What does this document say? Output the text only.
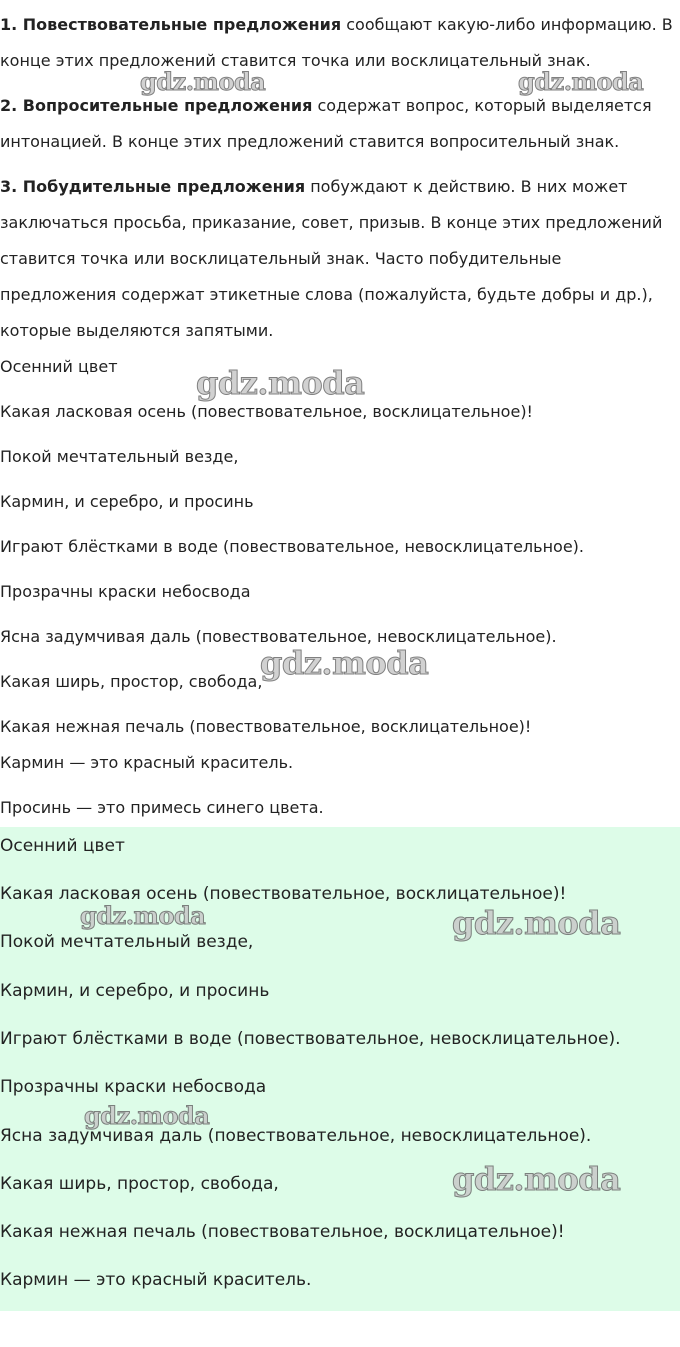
1. Повествовательные предложения сообщают какую-либо информацию. В

конце этих предложений ставится точка или восклицательный знак.

2. Вопросительные предложения содержат вопрос, который выделяется

интонацией. В конце этих предложений ставится вопросительный знак.

3. Побудительные предложения побуждают к действию. В них может

заключаться просьба, приказание, совет, призыв. В конце этих предложений

ставится точка или восклицательный знак. Часто побудительные

предложения содержат этикетные слова (пожалуйста, будьте добры и др.),

которые выделяются запятыми.

Осенний цвет

Какая ласковая осень (повествовательное, восклицательное)!

Покой мечтательный везде,

Кармин, и серебро, и просинь

Играют блёстками в воде (повествовательное, невосклицательное).

Прозрачны краски небосвода

Ясна задумчивая даль (повествовательное, невосклицательное).

Какая ширь, простор, свобода,

Какая нежная печаль (повествовательное, восклицательное)!

Кармин — это красный краситель.

Просинь — это примесь синего цвета.

Осенний цвет

Какая ласковая осень (повествовательное, восклицательное)!

Покой мечтательный везде,

Кармин, и серебро, и просинь

Играют блёстками в воде (повествовательное, невосклицательное).

Прозрачны краски небосвода

Ясна задумчивая даль (повествовательное, невосклицательное).

Какая ширь, простор, свобода,

Какая нежная печаль (повествовательное, восклицательное)!

Кармин — это красный краситель.

gdz.moda	gdz.moda
gdz.moda
gdz.moda
gdz.moda	gdz.moda
gdz.moda
gdz.moda
